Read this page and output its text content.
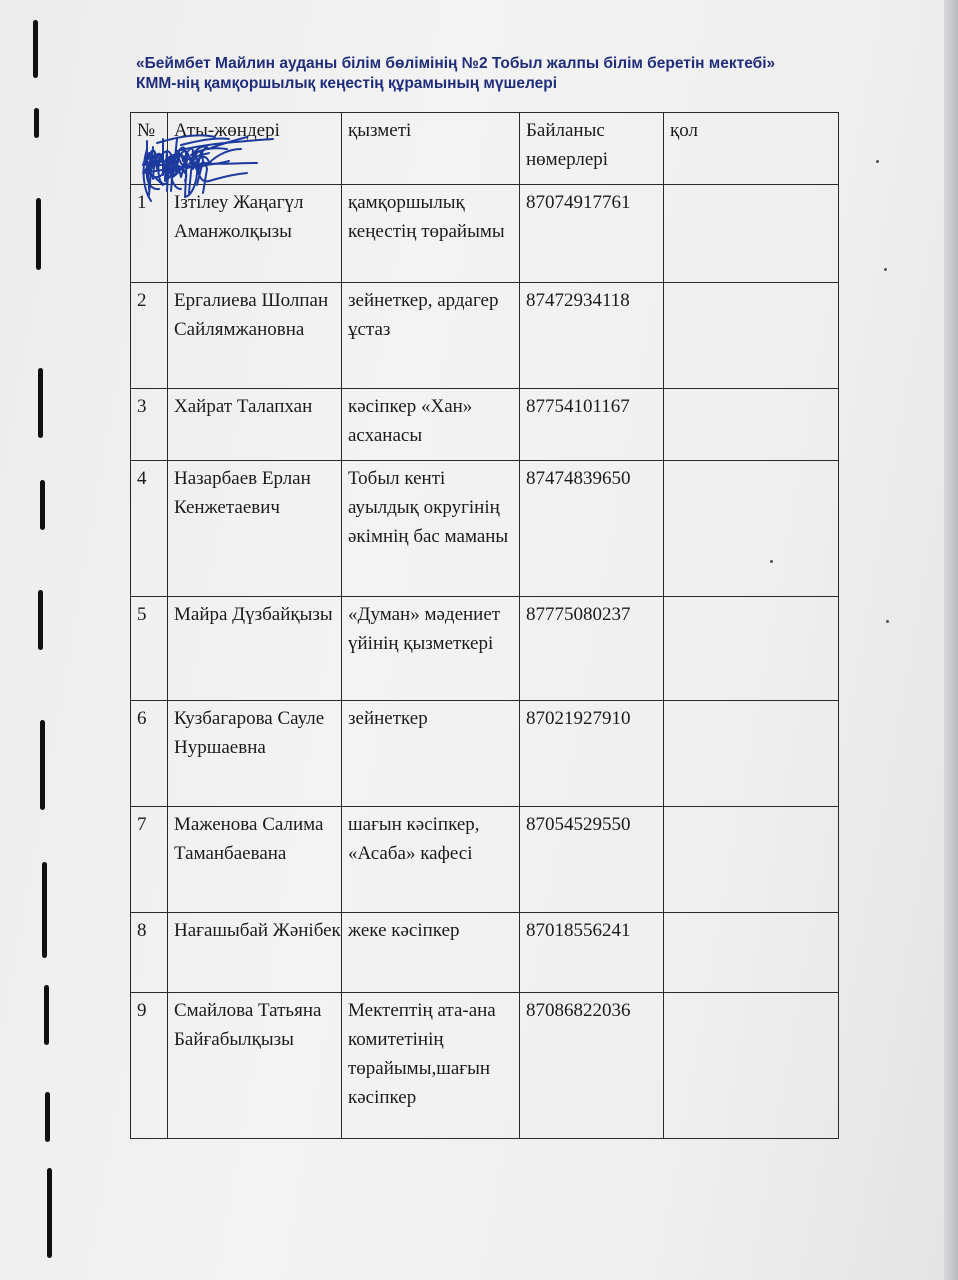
«Беймбет Майлин ауданы білім бөлімінің №2 Тобыл жалпы білім беретін мектебі»
КММ-нің қамқоршылық кеңестің құрамының мүшелері
№	Аты-жөндері	қызметі	Байланыс нөмерлері	қол
1	Ізтілеу Жаңагүл Аманжолқызы	қамқоршылық кеңестің төрайымы	87074917761	

2	Ергалиева Шолпан Сайлямжановна	зейнеткер, ардагер ұстаз	87472934118	

3	Хайрат Талапхан	кәсіпкер «Хан» асханасы	87754101167	

4	Назарбаев Ерлан Кенжетаевич	Тобыл кенті ауылдық округінің әкімнің бас маманы	87474839650	

5	Майра Дүзбайқызы	«Думан» мәдениет үйінің қызметкері	87775080237	

6	Кузбагарова Сауле Нуршаевна	зейнеткер	87021927910	

7	Маженова Салима Таманбаевана	шағын кәсіпкер, «Асаба» кафесі	87054529550	

8	Нағашыбай Жәнібек	жеке кәсіпкер	87018556241	

9	Смайлова Татьяна Байғабылқызы	Мектептің ата-ана комитетінің төрайымы,шағын кәсіпкер	87086822036	
